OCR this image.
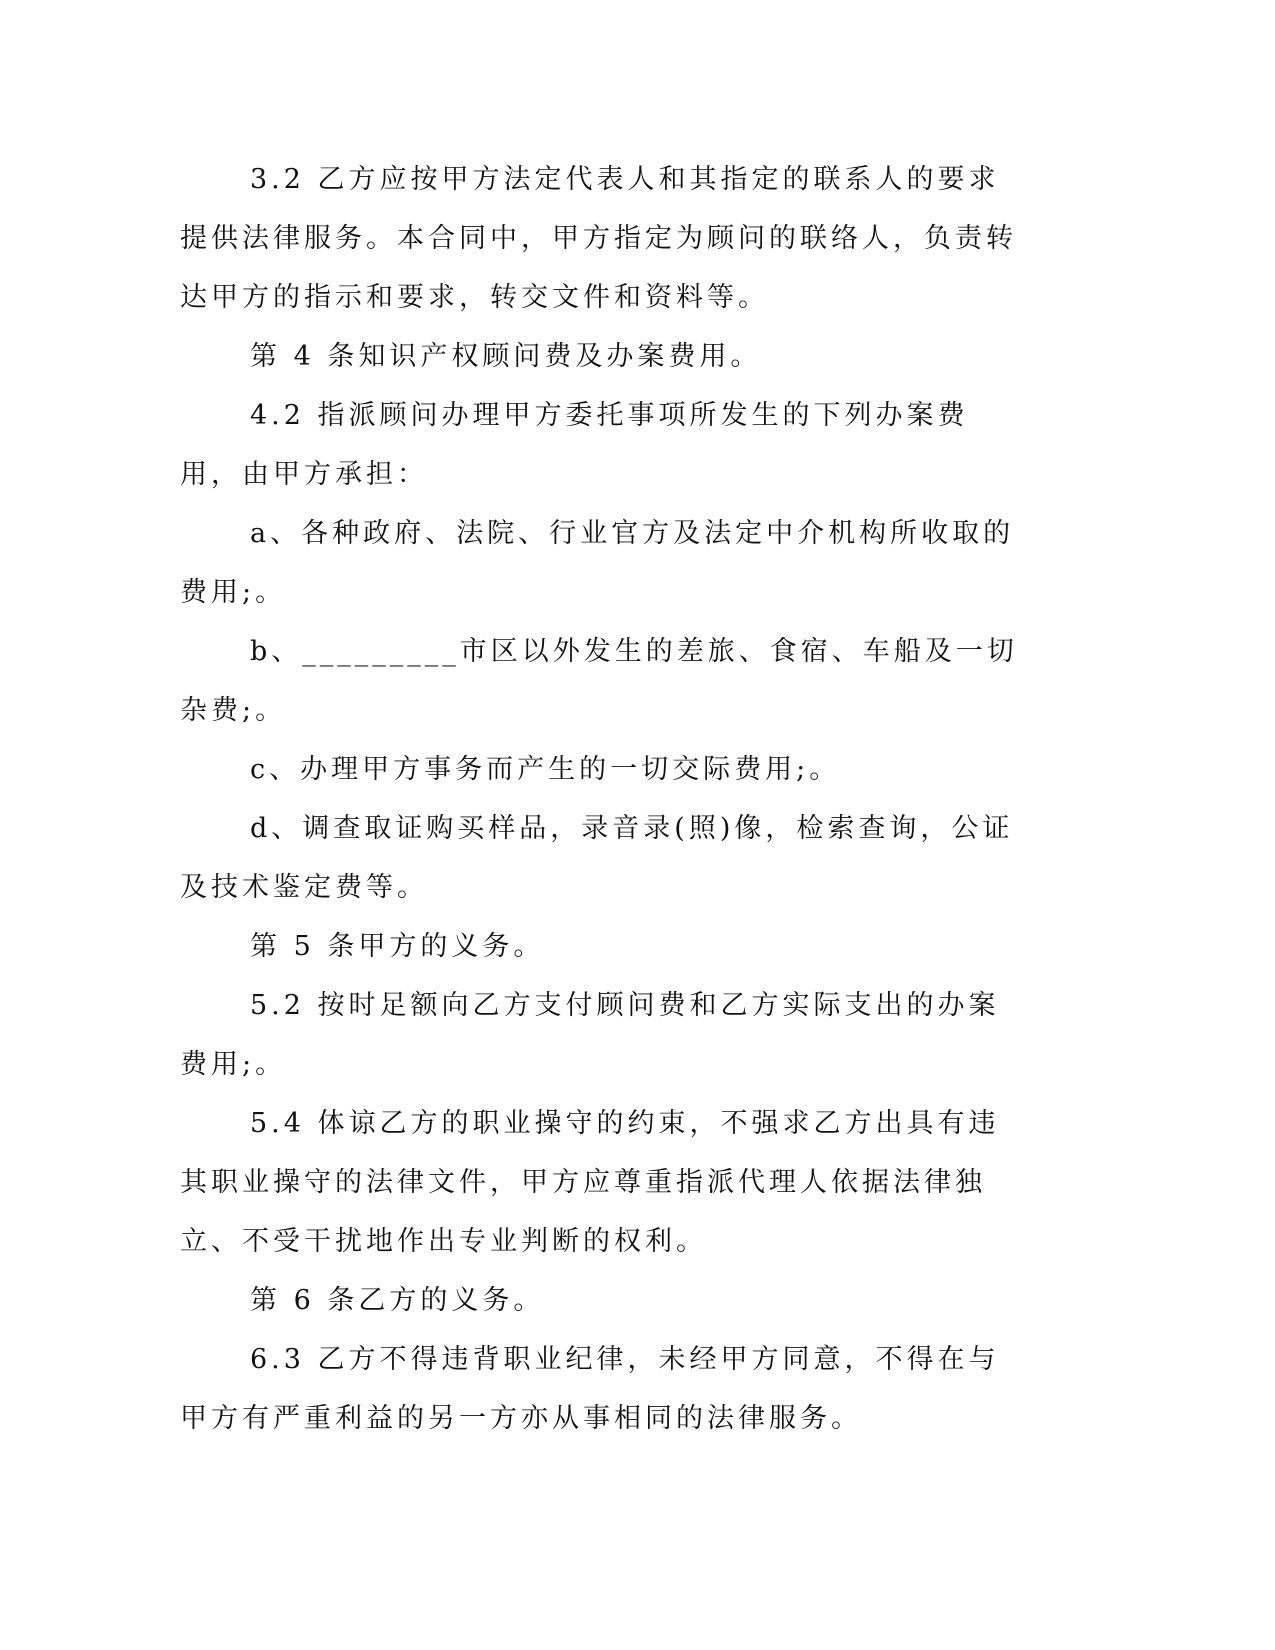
3.2 乙方应按甲方法定代表人和其指定的联系人的要求提供法律服务。本合同中，甲方指定为顾问的联络人，负责转达甲方的指示和要求，转交文件和资料等。

第 4 条知识产权顾问费及办案费用。

4.2 指派顾问办理甲方委托事项所发生的下列办案费用，由甲方承担：

a、各种政府、法院、行业官方及法定中介机构所收取的费用;。

b、_________市区以外发生的差旅、食宿、车船及一切杂费;。

c、办理甲方事务而产生的一切交际费用;。

d、调查取证购买样品，录音录(照)像，检索查询，公证及技术鉴定费等。

第 5 条甲方的义务。

5.2 按时足额向乙方支付顾问费和乙方实际支出的办案费用;。

5.4 体谅乙方的职业操守的约束，不强求乙方出具有违其职业操守的法律文件，甲方应尊重指派代理人依据法律独立、不受干扰地作出专业判断的权利。

第 6 条乙方的义务。

6.3 乙方不得违背职业纪律，未经甲方同意，不得在与甲方有严重利益的另一方亦从事相同的法律服务。
